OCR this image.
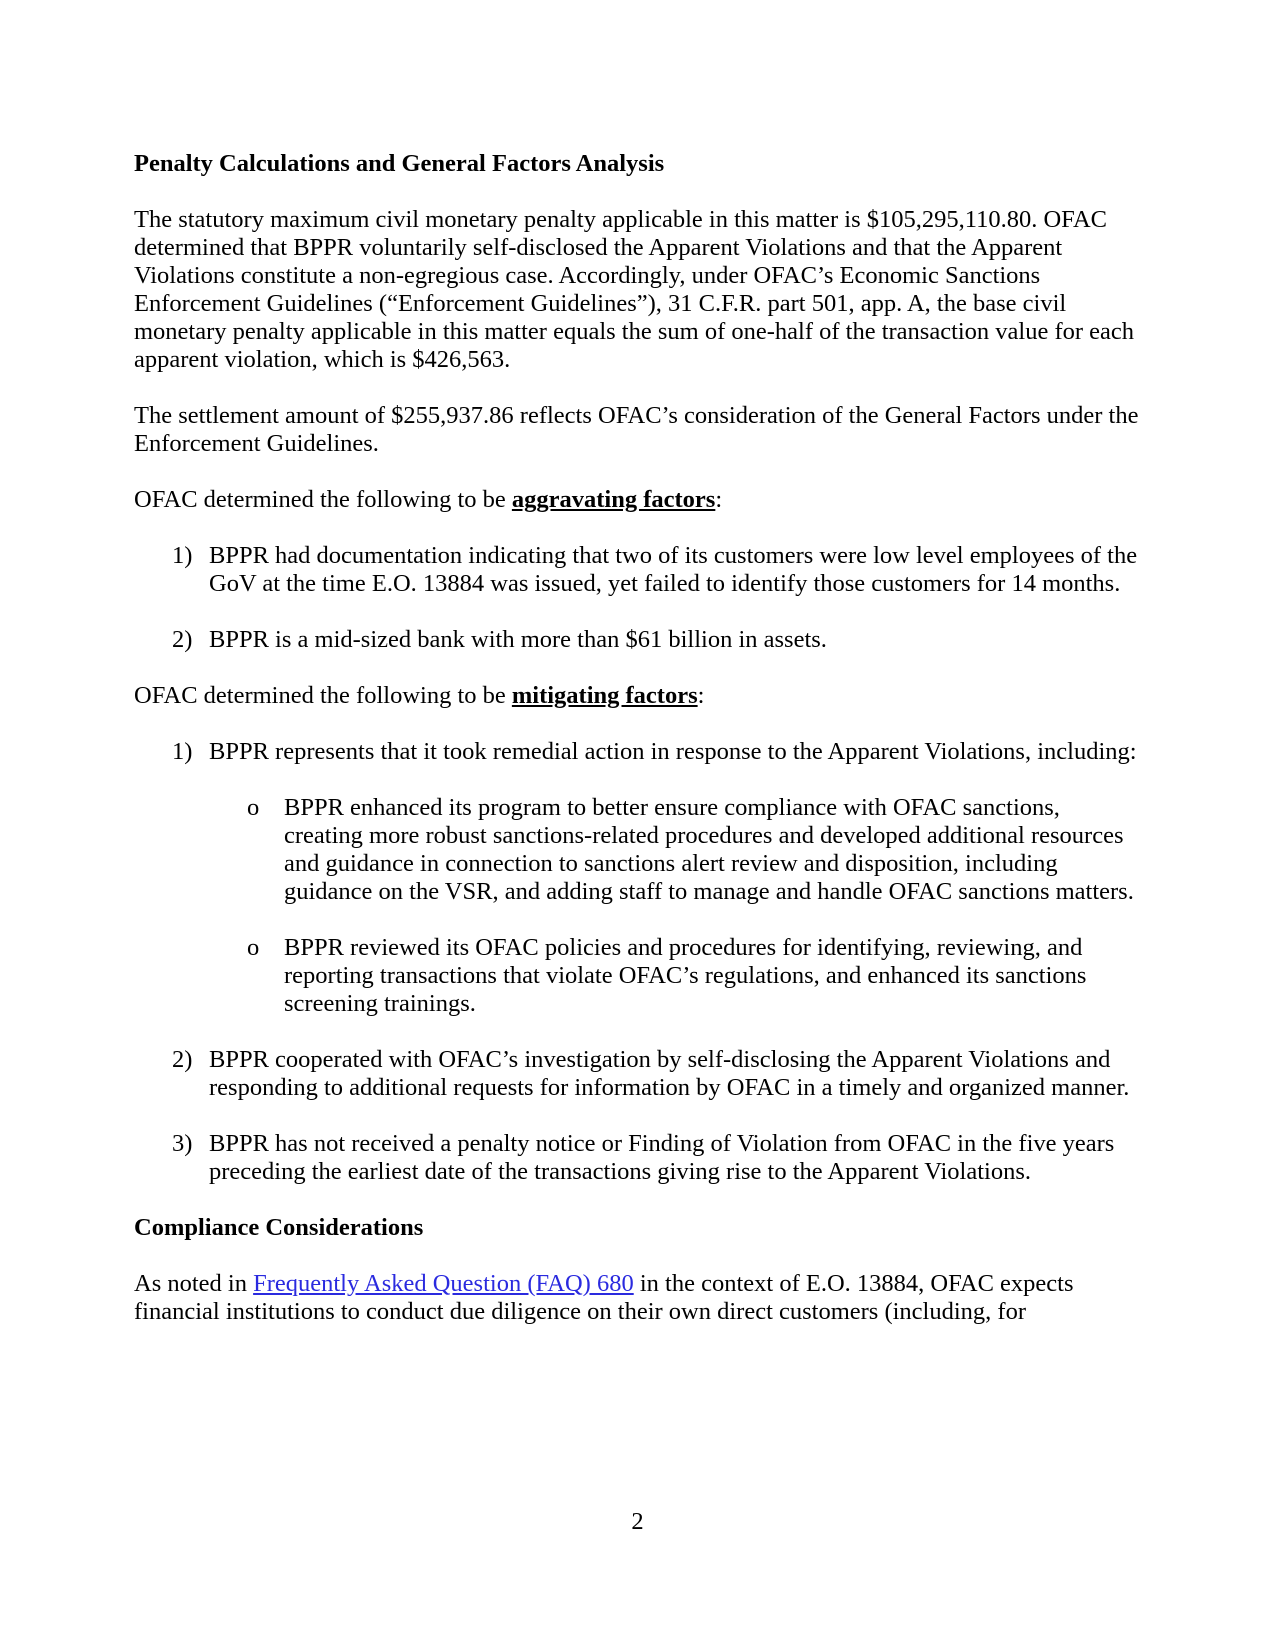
Penalty Calculations and General Factors Analysis

The statutory maximum civil monetary penalty applicable in this matter is $105,295,110.80. OFAC determined that BPPR voluntarily self-disclosed the Apparent Violations and that the Apparent Violations constitute a non-egregious case. Accordingly, under OFAC’s Economic Sanctions Enforcement Guidelines (“Enforcement Guidelines”), 31 C.F.R. part 501, app. A, the base civil monetary penalty applicable in this matter equals the sum of one-half of the transaction value for each apparent violation, which is $426,563.

The settlement amount of $255,937.86 reflects OFAC’s consideration of the General Factors under the Enforcement Guidelines.

OFAC determined the following to be aggravating factors:

1) BPPR had documentation indicating that two of its customers were low level employees of the GoV at the time E.O. 13884 was issued, yet failed to identify those customers for 14 months.
2) BPPR is a mid-sized bank with more than $61 billion in assets.

OFAC determined the following to be mitigating factors:

1) BPPR represents that it took remedial action in response to the Apparent Violations, including:
o BPPR enhanced its program to better ensure compliance with OFAC sanctions, creating more robust sanctions-related procedures and developed additional resources and guidance in connection to sanctions alert review and disposition, including guidance on the VSR, and adding staff to manage and handle OFAC sanctions matters.
o BPPR reviewed its OFAC policies and procedures for identifying, reviewing, and reporting transactions that violate OFAC’s regulations, and enhanced its sanctions screening trainings.
2) BPPR cooperated with OFAC’s investigation by self-disclosing the Apparent Violations and responding to additional requests for information by OFAC in a timely and organized manner.
3) BPPR has not received a penalty notice or Finding of Violation from OFAC in the five years preceding the earliest date of the transactions giving rise to the Apparent Violations.

Compliance Considerations

As noted in Frequently Asked Question (FAQ) 680 in the context of E.O. 13884, OFAC expects financial institutions to conduct due diligence on their own direct customers (including, for

2
